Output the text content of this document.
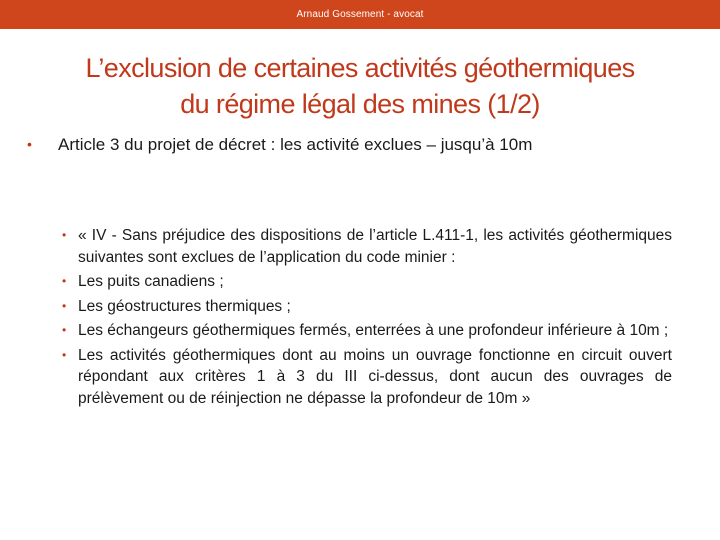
Arnaud Gossement - avocat
L’exclusion de certaines activités géothermiques
du régime légal des mines (1/2)
•	Article 3 du projet de décret : les activité exclues – jusqu’à 10m
• « IV - Sans préjudice des dispositions de l’article L.411-1, les activités géothermiques suivantes sont exclues de l’application du code minier :
• Les puits canadiens ;
• Les géostructures thermiques ;
• Les échangeurs géothermiques fermés, enterrées à une profondeur inférieure à 10m ;
• Les activités géothermiques dont au moins un ouvrage fonctionne en circuit ouvert répondant aux critères 1 à 3 du III ci-dessus, dont aucun des ouvrages de prélèvement ou de réinjection ne dépasse la profondeur de 10m »
